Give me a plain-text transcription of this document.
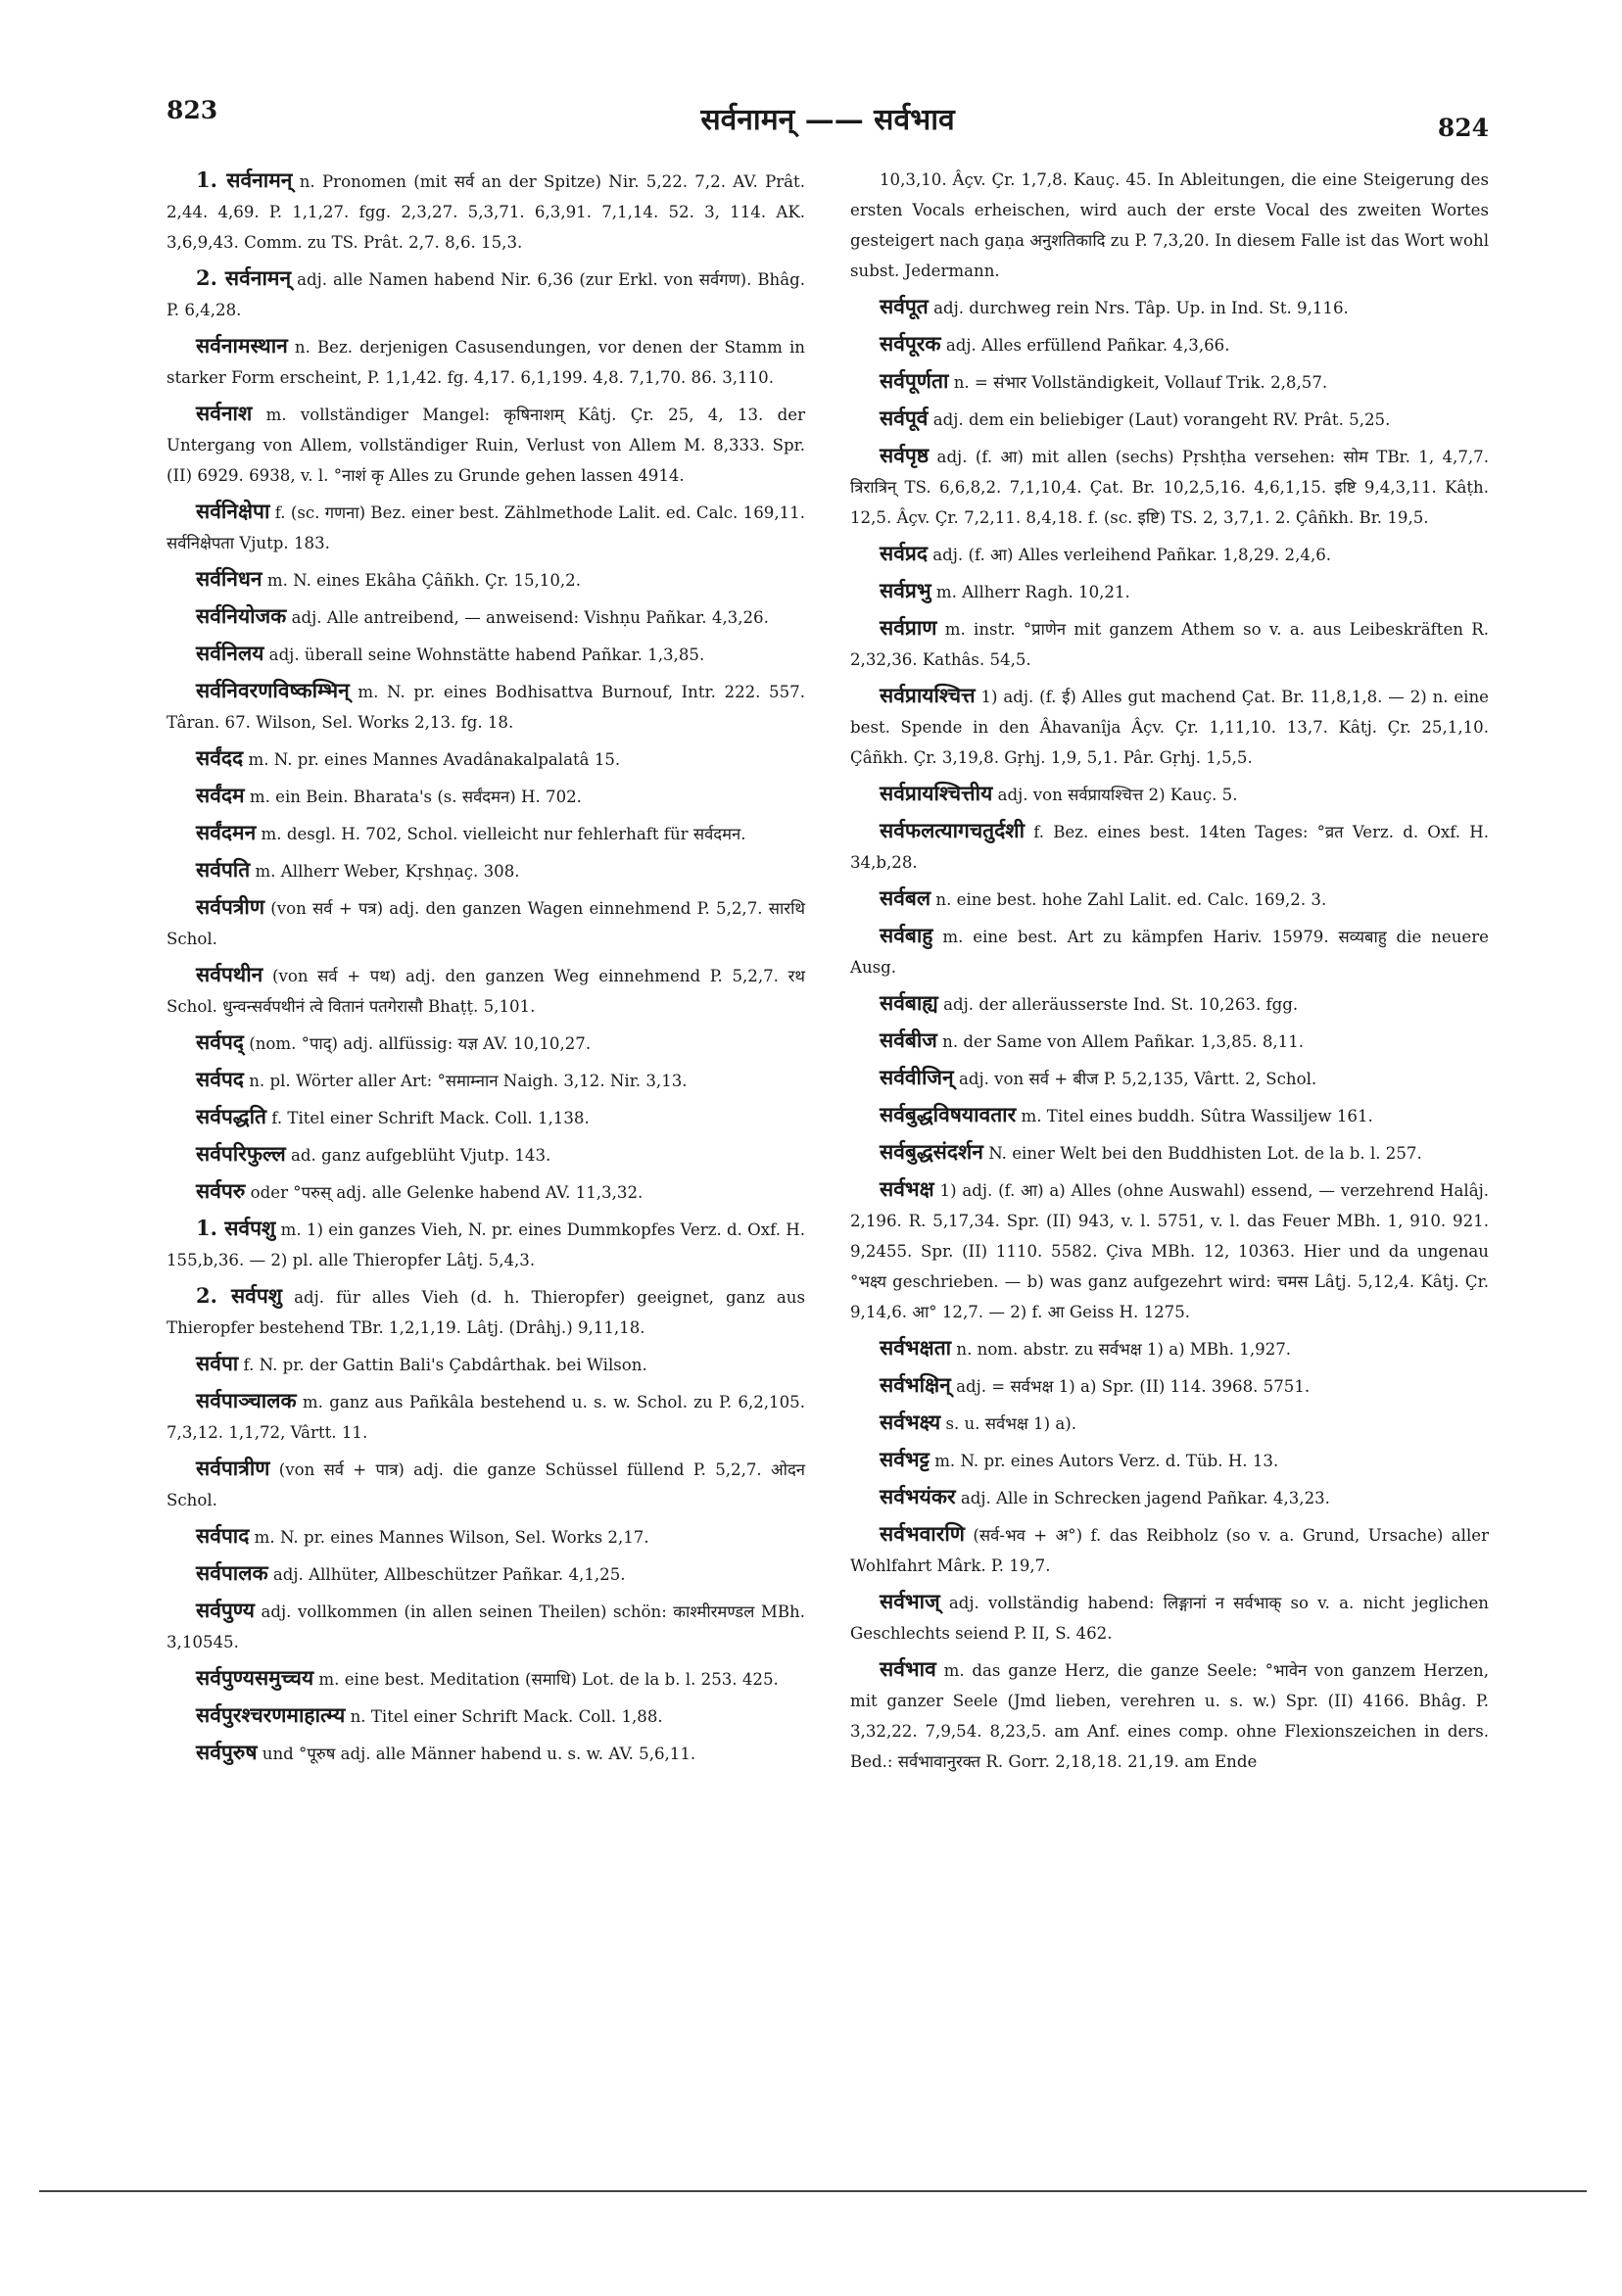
823	सर्वनामन् —— सर्वभाव	824

1. सर्वनामन् n. Pronomen (mit सर्व an der Spitze) Nir. 5,22. 7,2. AV. Prât. 2,44. 4,69. P. 1,1,27. fgg. 2,3,27. 5,3,71. 6,3,91. 7,1,14. 52. 3, 114. AK. 3,6,9,43. Comm. zu TS. Prât. 2,7. 8,6. 15,3.

2. सर्वनामन् adj. alle Namen habend Nir. 6,36 (zur Erkl. von सर्वगण). Bhâg. P. 6,4,28.

सर्वनामस्थान n. Bez. derjenigen Casusendungen, vor denen der Stamm in starker Form erscheint, P. 1,1,42. fg. 4,17. 6,1,199. 4,8. 7,1,70. 86. 3,110.

सर्वनाश m. vollständiger Mangel: कृषिनाशम् Kâtj. Çr. 25, 4, 13. der Untergang von Allem, vollständiger Ruin, Verlust von Allem M. 8,333. Spr. (II) 6929. 6938, v. l. °नाशं कृ Alles zu Grunde gehen lassen 4914.

सर्वनिक्षेपा f. (sc. गणना) Bez. einer best. Zählmethode Lalit. ed. Calc. 169,11. सर्वनिक्षेपता Vjutp. 183.

सर्वनिधन m. N. eines Ekâha Çâñkh. Çr. 15,10,2.

सर्वनियोजक adj. Alle antreibend, — anweisend: Vishṇu Pañkar. 4,3,26.

सर्वनिलय adj. überall seine Wohnstätte habend Pañkar. 1,3,85.

सर्वनिवरणविष्कम्भिन् m. N. pr. eines Bodhisattva Burnouf, Intr. 222. 557. Târan. 67. Wilson, Sel. Works 2,13. fg. 18.

सर्वंदद m. N. pr. eines Mannes Avadânakalpalatâ 15.

सर्वंदम m. ein Bein. Bharata's (s. सर्वंदमन) H. 702.

सर्वंदमन m. desgl. H. 702, Schol. vielleicht nur fehlerhaft für सर्वदमन.

सर्वपति m. Allherr Weber, Kṛshṇaç. 308.

सर्वपत्रीण (von सर्व + पत्र) adj. den ganzen Wagen einnehmend P. 5,2,7. सारथि Schol.

सर्वपथीन (von सर्व + पथ) adj. den ganzen Weg einnehmend P. 5,2,7. रथ Schol. धुन्वन्सर्वपथीनं त्वे वितानं पतगेरासौ Bhaṭṭ. 5,101.

सर्वपद् (nom. °पाद्) adj. allfüssig: यज्ञ AV. 10,10,27.

सर्वपद n. pl. Wörter aller Art: °समाम्नान Naigh. 3,12. Nir. 3,13.

सर्वपद्धति f. Titel einer Schrift Mack. Coll. 1,138.

सर्वपरिफुल्ल ad. ganz aufgeblüht Vjutp. 143.

सर्वपरु oder °परुस् adj. alle Gelenke habend AV. 11,3,32.

1. सर्वपशु m. 1) ein ganzes Vieh, N. pr. eines Dummkopfes Verz. d. Oxf. H. 155,b,36. — 2) pl. alle Thieropfer Lâṭj. 5,4,3.

2. सर्वपशु adj. für alles Vieh (d. h. Thieropfer) geeignet, ganz aus Thieropfer bestehend TBr. 1,2,1,19. Lâṭj. (Drâhj.) 9,11,18.

सर्वपा f. N. pr. der Gattin Bali's Çabdârthak. bei Wilson.

सर्वपाञ्चालक m. ganz aus Pañkâla bestehend u. s. w. Schol. zu P. 6,2,105. 7,3,12. 1,1,72, Vârtt. 11.

सर्वपात्रीण (von सर्व + पात्र) adj. die ganze Schüssel füllend P. 5,2,7. ओदन Schol.

सर्वपाद m. N. pr. eines Mannes Wilson, Sel. Works 2,17.

सर्वपालक adj. Allhüter, Allbeschützer Pañkar. 4,1,25.

सर्वपुण्य adj. vollkommen (in allen seinen Theilen) schön: काश्मीरमण्डल MBh. 3,10545.

सर्वपुण्यसमुच्चय m. eine best. Meditation (समाधि) Lot. de la b. l. 253. 425.

सर्वपुरश्चरणमाहात्म्य n. Titel einer Schrift Mack. Coll. 1,88.

सर्वपुरुष und °पूरुष adj. alle Männer habend u. s. w. AV. 5,6,11.

10,3,10. Âçv. Çr. 1,7,8. Kauç. 45. In Ableitungen, die eine Steigerung des ersten Vocals erheischen, wird auch der erste Vocal des zweiten Wortes gesteigert nach gaṇa अनुशतिकादि zu P. 7,3,20. In diesem Falle ist das Wort wohl subst. Jedermann.

सर्वपूत adj. durchweg rein Nrs. Tâp. Up. in Ind. St. 9,116.

सर्वपूरक adj. Alles erfüllend Pañkar. 4,3,66.

सर्वपूर्णता n. = संभार Vollständigkeit, Vollauf Trik. 2,8,57.

सर्वपूर्व adj. dem ein beliebiger (Laut) vorangeht RV. Prât. 5,25.

सर्वपृष्ठ adj. (f. आ) mit allen (sechs) Pṛshṭha versehen: सोम TBr. 1, 4,7,7. त्रिरात्रिन् TS. 6,6,8,2. 7,1,10,4. Çat. Br. 10,2,5,16. 4,6,1,15. इष्टि 9,4,3,11. Kâṭh. 12,5. Âçv. Çr. 7,2,11. 8,4,18. f. (sc. इष्टि) TS. 2, 3,7,1. 2. Çâñkh. Br. 19,5.

सर्वप्रद adj. (f. आ) Alles verleihend Pañkar. 1,8,29. 2,4,6.

सर्वप्रभु m. Allherr Ragh. 10,21.

सर्वप्राण m. instr. °प्राणेन mit ganzem Athem so v. a. aus Leibeskräften R. 2,32,36. Kathâs. 54,5.

सर्वप्रायश्चित्त 1) adj. (f. ई) Alles gut machend Çat. Br. 11,8,1,8. — 2) n. eine best. Spende in den Âhavanîja Âçv. Çr. 1,11,10. 13,7. Kâtj. Çr. 25,1,10. Çâñkh. Çr. 3,19,8. Gṛhj. 1,9, 5,1. Pâr. Gṛhj. 1,5,5.

सर्वप्रायश्चित्तीय adj. von सर्वप्रायश्चित्त 2) Kauç. 5.

सर्वफलत्यागचतुर्दशी f. Bez. eines best. 14ten Tages: °व्रत Verz. d. Oxf. H. 34,b,28.

सर्वबल n. eine best. hohe Zahl Lalit. ed. Calc. 169,2. 3.

सर्वबाहु m. eine best. Art zu kämpfen Hariv. 15979. सव्यबाहु die neuere Ausg.

सर्वबाह्य adj. der alleräusserste Ind. St. 10,263. fgg.

सर्वबीज n. der Same von Allem Pañkar. 1,3,85. 8,11.

सर्ववीजिन् adj. von सर्व + बीज P. 5,2,135, Vârtt. 2, Schol.

सर्वबुद्धविषयावतार m. Titel eines buddh. Sûtra Wassiljew 161.

सर्वबुद्धसंदर्शन N. einer Welt bei den Buddhisten Lot. de la b. l. 257.

सर्वभक्ष 1) adj. (f. आ) a) Alles (ohne Auswahl) essend, — verzehrend Halâj. 2,196. R. 5,17,34. Spr. (II) 943, v. l. 5751, v. l. das Feuer MBh. 1, 910. 921. 9,2455. Spr. (II) 1110. 5582. Çiva MBh. 12, 10363. Hier und da ungenau °भक्ष्य geschrieben. — b) was ganz aufgezehrt wird: चमस Lâṭj. 5,12,4. Kâtj. Çr. 9,14,6. आ° 12,7. — 2) f. आ Geiss H. 1275.

सर्वभक्षता n. nom. abstr. zu सर्वभक्ष 1) a) MBh. 1,927.

सर्वभक्षिन् adj. = सर्वभक्ष 1) a) Spr. (II) 114. 3968. 5751.

सर्वभक्ष्य s. u. सर्वभक्ष 1) a).

सर्वभट्ट m. N. pr. eines Autors Verz. d. Tüb. H. 13.

सर्वभयंकर adj. Alle in Schrecken jagend Pañkar. 4,3,23.

सर्वभवारणि (सर्व-भव + अ°) f. das Reibholz (so v. a. Grund, Ursache) aller Wohlfahrt Mârk. P. 19,7.

सर्वभाज् adj. vollständig habend: लिङ्गानां न सर्वभाक् so v. a. nicht jeglichen Geschlechts seiend P. II, S. 462.

सर्वभाव m. das ganze Herz, die ganze Seele: °भावेन von ganzem Herzen, mit ganzer Seele (Jmd lieben, verehren u. s. w.) Spr. (II) 4166. Bhâg. P. 3,32,22. 7,9,54. 8,23,5. am Anf. eines comp. ohne Flexionszeichen in ders. Bed.: सर्वभावानुरक्त R. Gorr. 2,18,18. 21,19. am Ende
